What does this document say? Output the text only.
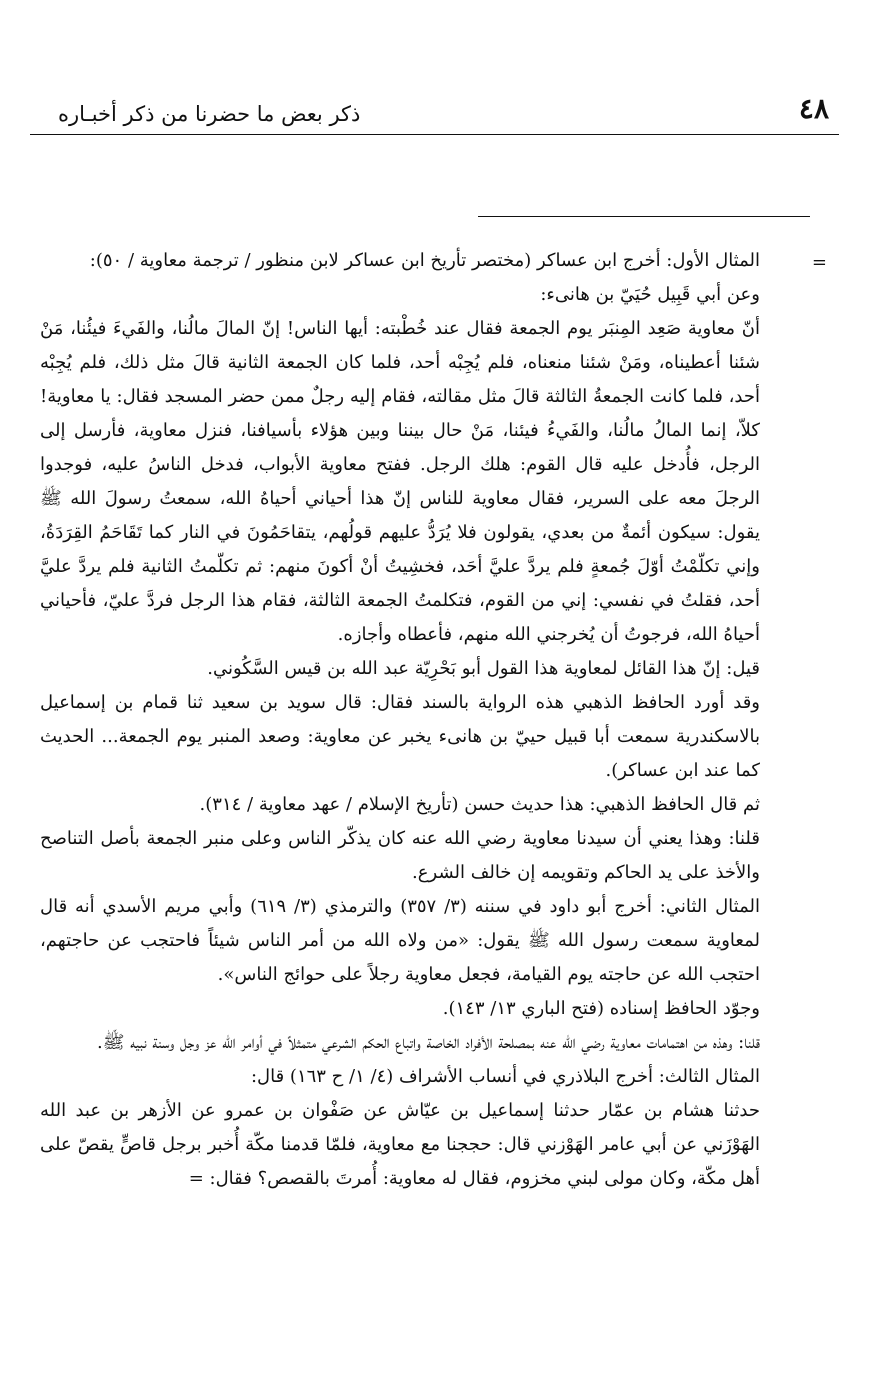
٤٨
ذكر بعض ما حضرنا من ذكر أخبـاره
=

المثال الأول: أخرج ابن عساكر (مختصر تأريخ ابن عساكر لابن منظور / ترجمة معاوية / ٥٠):

وعن أبي قَبِيل حُيَيّ بن هانىء:

أنّ معاوية صَعِد المِنبَر يوم الجمعة فقال عند خُطْبته: أيها الناس! إنّ المالَ مالُنا، والفَيءَ فيئُنا، مَنْ شئنا أعطيناه، ومَنْ شئنا منعناه، فلم يُجِبْه أحد، فلما كان الجمعة الثانية قالَ مثل ذلك، فلم يُجِبْه أحد، فلما كانت الجمعةُ الثالثة قالَ مثل مقالته، فقام إليه رجلٌ ممن حضر المسجد فقال: يا معاوية! كلاّ، إنما المالُ مالُنا، والفَيءُ فيئنا، مَنْ حال بيننا وبين هؤلاء بأسيافنا، فنزل معاوية، فأرسل إلى الرجل، فأُدخل عليه قال القوم: هلك الرجل. ففتح معاوية الأبواب، فدخل الناسُ عليه، فوجدوا الرجلَ معه على السرير، فقال معاوية للناس إنّ هذا أحياني أحياهُ الله، سمعتُ رسولَ الله ﷺ يقول: سيكون أئمةٌ من بعدي، يقولون فلا يُرَدُّ عليهم قولُهم، يتقاحَمُونَ في النار كما تَقَاحَمُ القِرَدَةُ، وإني تكلّمْتُ أوّلَ جُمعةٍ فلم يردَّ عليَّ أحَد، فخشِيتُ أنْ أكونَ منهم: ثم تكلّمتُ الثانية فلم يردَّ عليَّ أحد، فقلتُ في نفسي: إني من القوم، فتكلمتُ الجمعة الثالثة، فقام هذا الرجل فردَّ عليّ، فأحياني أحياهُ الله، فرجوتُ أن يُخرجني الله منهم، فأعطاه وأجازه.

قيل: إنّ هذا القائل لمعاوية هذا القول أبو بَحْرِيّة عبد الله بن قيس السَّكُوني.

وقد أورد الحافظ الذهبي هذه الرواية بالسند فقال: قال سويد بن سعيد ثنا قمام بن إسماعيل بالاسكندرية سمعت أبا قبيل حييّ بن هانىء يخبر عن معاوية: وصعد المنبر يوم الجمعة... الحديث كما عند ابن عساكر).

ثم قال الحافظ الذهبي: هذا حديث حسن (تأريخ الإسلام / عهد معاوية / ٣١٤).

قلنا: وهذا يعني أن سيدنا معاوية رضي الله عنه كان يذكّر الناس وعلى منبر الجمعة بأصل التناصح والأخذ على يد الحاكم وتقويمه إن خالف الشرع.

المثال الثاني: أخرج أبو داود في سننه (٣/ ٣٥٧) والترمذي (٣/ ٦١٩) وأبي مريم الأسدي أنه قال لمعاوية سمعت رسول الله ﷺ يقول: «من ولاه الله من أمر الناس شيئاً فاحتجب عن حاجتهم، احتجب الله عن حاجته يوم القيامة، فجعل معاوية رجلاً على حوائج الناس».

وجوّد الحافظ إسناده (فتح الباري ١٣/ ١٤٣).

قلنا: وهذه من اهتمامات معاوية رضي الله عنه بمصلحة الأفراد الخاصة واتباع الحكم الشرعي متمثلاً في أوامر الله عز وجل وسنة نبيه ﷺ.

المثال الثالث: أخرج البلاذري في أنساب الأشراف (٤/ ١/ ح ١٦٣) قال:

حدثنا هشام بن عمّار حدثنا إسماعيل بن عيّاش عن صَفْوان بن عمرو عن الأزهر بن عبد الله الهَوْزَني عن أبي عامر الهَوْزني قال: حججنا مع معاوية، فلمّا قدمنا مكّة أُخبر برجل قاصٍّ يقصّ على أهل مكّة، وكان مولى لبني مخزوم، فقال له معاوية: أُمرتَ بالقصص؟ فقال: =
